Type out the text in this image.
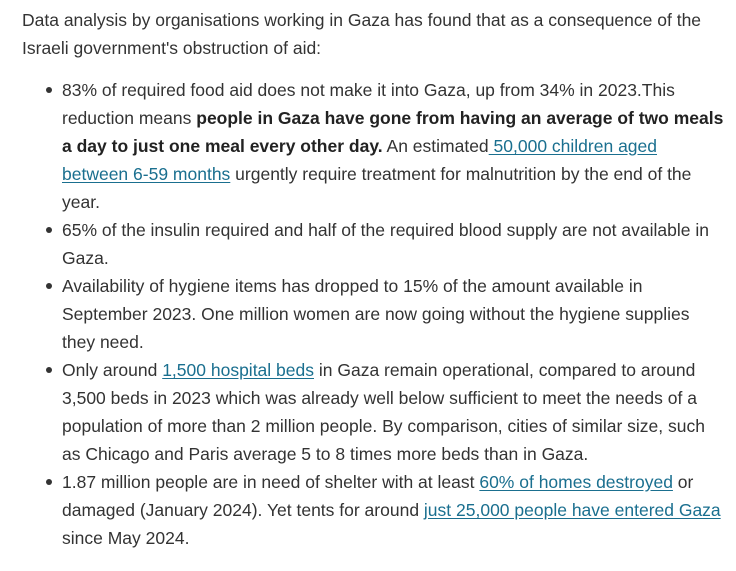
Data analysis by organisations working in Gaza has found that as a consequence of the Israeli government's obstruction of aid:

83% of required food aid does not make it into Gaza, up from 34% in 2023.This reduction means people in Gaza have gone from having an average of two meals a day to just one meal every other day. An estimated 50,000 children aged between 6-59 months urgently require treatment for malnutrition by the end of the year.
65% of the insulin required and half of the required blood supply are not available in Gaza.
Availability of hygiene items has dropped to 15% of the amount available in September 2023. One million women are now going without the hygiene supplies they need.
Only around 1,500 hospital beds in Gaza remain operational, compared to around 3,500 beds in 2023 which was already well below sufficient to meet the needs of a population of more than 2 million people. By comparison, cities of similar size, such as Chicago and Paris average 5 to 8 times more beds than in Gaza.
1.87 million people are in need of shelter with at least 60% of homes destroyed or damaged (January 2024). Yet tents for around just 25,000 people have entered Gaza since May 2024.
